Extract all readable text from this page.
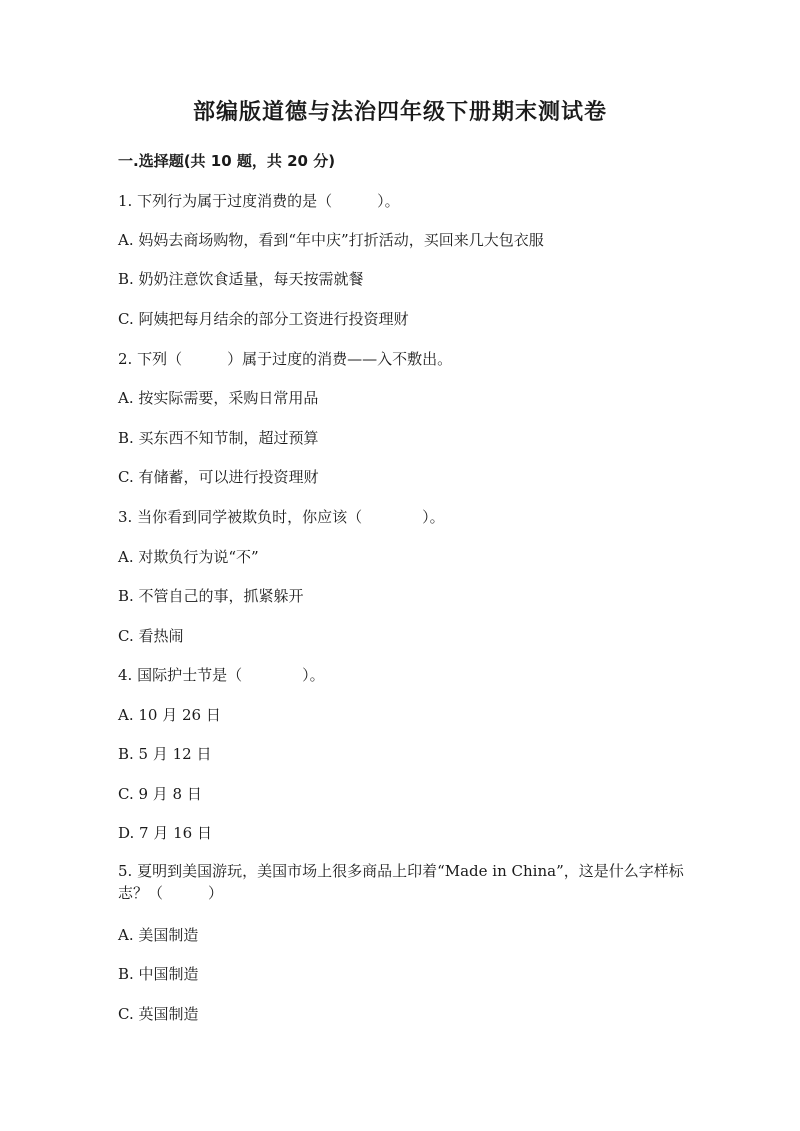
部编版道德与法治四年级下册期末测试卷
一.选择题(共 10 题，共 20 分)
1. 下列行为属于过度消费的是（　　　）。
A. 妈妈去商场购物，看到“年中庆”打折活动，买回来几大包衣服
B. 奶奶注意饮食适量，每天按需就餐
C. 阿姨把每月结余的部分工资进行投资理财
2. 下列（　　　）属于过度的消费——入不敷出。
A. 按实际需要，采购日常用品
B. 买东西不知节制，超过预算
C. 有储蓄，可以进行投资理财
3. 当你看到同学被欺负时，你应该（　　　　）。
A. 对欺负行为说“不”
B. 不管自己的事，抓紧躲开
C. 看热闹
4. 国际护士节是（　　　　）。
A. 10 月 26 日
B. 5 月 12 日
C. 9 月 8 日
D. 7 月 16 日
5. 夏明到美国游玩，美国市场上很多商品上印着“Made in China”，这是什么字样标志？（　　　）
A. 美国制造
B. 中国制造
C. 英国制造
